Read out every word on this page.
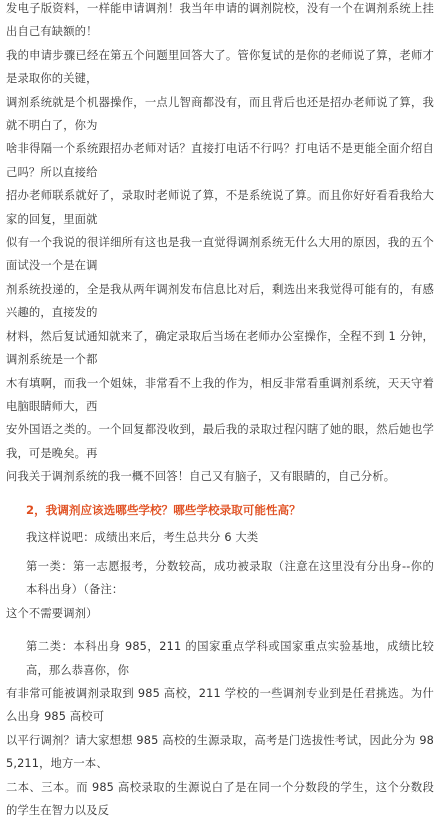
发电子版资料，一样能申请调剂！我当年申请的调剂院校，没有一个在调剂系统上挂出自己有缺额的！
我的申请步骤已经在第五个问题里回答大了。管你复试的是你的老师说了算，老师才是录取你的关键，
调剂系统就是个机器操作，一点儿智商都没有，而且背后也还是招办老师说了算，我就不明白了，你为
啥非得隔一个系统跟招办老师对话？直接打电话不行吗？打电话不是更能全面介绍自己吗？所以直接给
招办老师联系就好了，录取时老师说了算，不是系统说了算。而且你好好看看我给大家的回复，里面就
似有一个我说的很详细所有这也是我一直觉得调剂系统无什么大用的原因，我的五个面试没一个是在调
剂系统投递的，全是我从两年调剂发布信息比对后，剩选出来我觉得可能有的，有感兴趣的，直接发的
材料，然后复试通知就来了，确定录取后当场在老师办公室操作，全程不到 1 分钟，调剂系统是一个都
木有填啊，而我一个姐妹，非常看不上我的作为，相反非常看重调剂系统，天天守着电脑眼睛师大，西
安外国语之类的。一个回复都没收到，最后我的录取过程闪瞎了她的眼，然后她也学我，可是晚矣。再
问我关于调剂系统的我一概不回答！自己又有脑子，又有眼睛的，自己分析。
2，我调剂应该选哪些学校？哪些学校录取可能性高？
我这样说吧：成绩出来后，考生总共分 6 大类
第一类：第一志愿报考，分数较高，成功被录取（注意在这里没有分出身--你的本科出身）（备注：
这个不需要调剂）
第二类：本科出身 985，211 的国家重点学科或国家重点实验基地，成绩比较高，那么恭喜你，你
有非常可能被调剂录取到 985 高校，211 学校的一些调剂专业到是任君挑选。为什么出身 985 高校可
以平行调剂？请大家想想 985 高校的生源录取，高考是门选拔性考试，因此分为 985,211，地方一本、
二本、三本。而 985 高校录取的生源说白了是在同一个分数段的学生，这个分数段的学生在智力以及反
